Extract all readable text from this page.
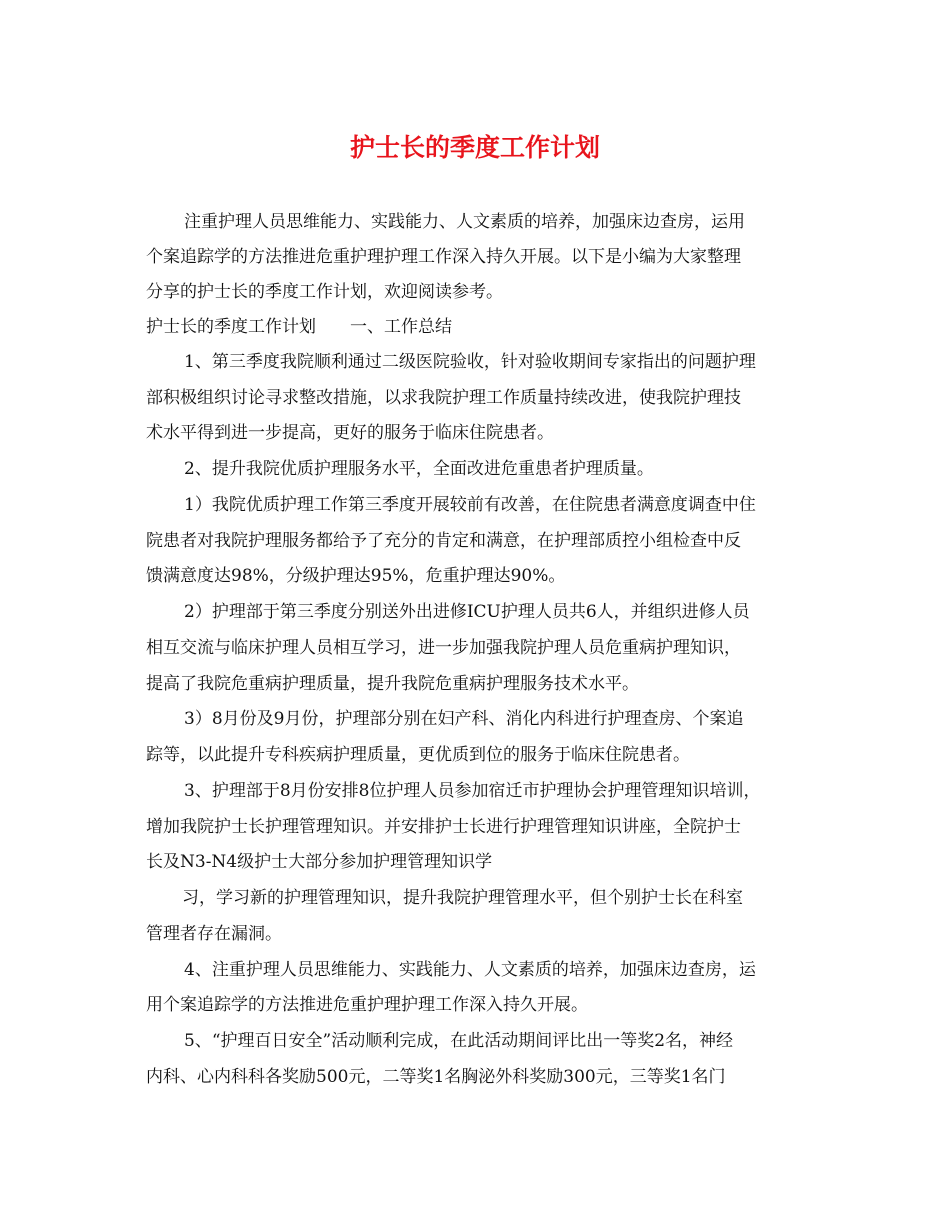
护士长的季度工作计划

注重护理人员思维能力、实践能力、人文素质的培养，加强床边查房，运用

个案追踪学的方法推进危重护理护理工作深入持久开展。以下是小编为大家整理

分享的护士长的季度工作计划，欢迎阅读参考。

护士长的季度工作计划　　一、工作总结

1、第三季度我院顺利通过二级医院验收，针对验收期间专家指出的问题护理

部积极组织讨论寻求整改措施，以求我院护理工作质量持续改进，使我院护理技

术水平得到进一步提高，更好的服务于临床住院患者。

2、提升我院优质护理服务水平，全面改进危重患者护理质量。

1）我院优质护理工作第三季度开展较前有改善，在住院患者满意度调查中住

院患者对我院护理服务都给予了充分的肯定和满意，在护理部质控小组检查中反

馈满意度达98%，分级护理达95%，危重护理达90%。

2）护理部于第三季度分别送外出进修ICU护理人员共6人，并组织进修人员

相互交流与临床护理人员相互学习，进一步加强我院护理人员危重病护理知识，

提高了我院危重病护理质量，提升我院危重病护理服务技术水平。

3）8月份及9月份，护理部分别在妇产科、消化内科进行护理查房、个案追

踪等，以此提升专科疾病护理质量，更优质到位的服务于临床住院患者。

3、护理部于8月份安排8位护理人员参加宿迁市护理协会护理管理知识培训，

增加我院护士长护理管理知识。并安排护士长进行护理管理知识讲座，全院护士

长及N3-N4级护士大部分参加护理管理知识学

习，学习新的护理管理知识，提升我院护理管理水平，但个别护士长在科室

管理者存在漏洞。

4、注重护理人员思维能力、实践能力、人文素质的培养，加强床边查房，运

用个案追踪学的方法推进危重护理护理工作深入持久开展。

5、“护理百日安全”活动顺利完成，在此活动期间评比出一等奖2名，神经

内科、心内科科各奖励500元，二等奖1名胸泌外科奖励300元，三等奖1名门
